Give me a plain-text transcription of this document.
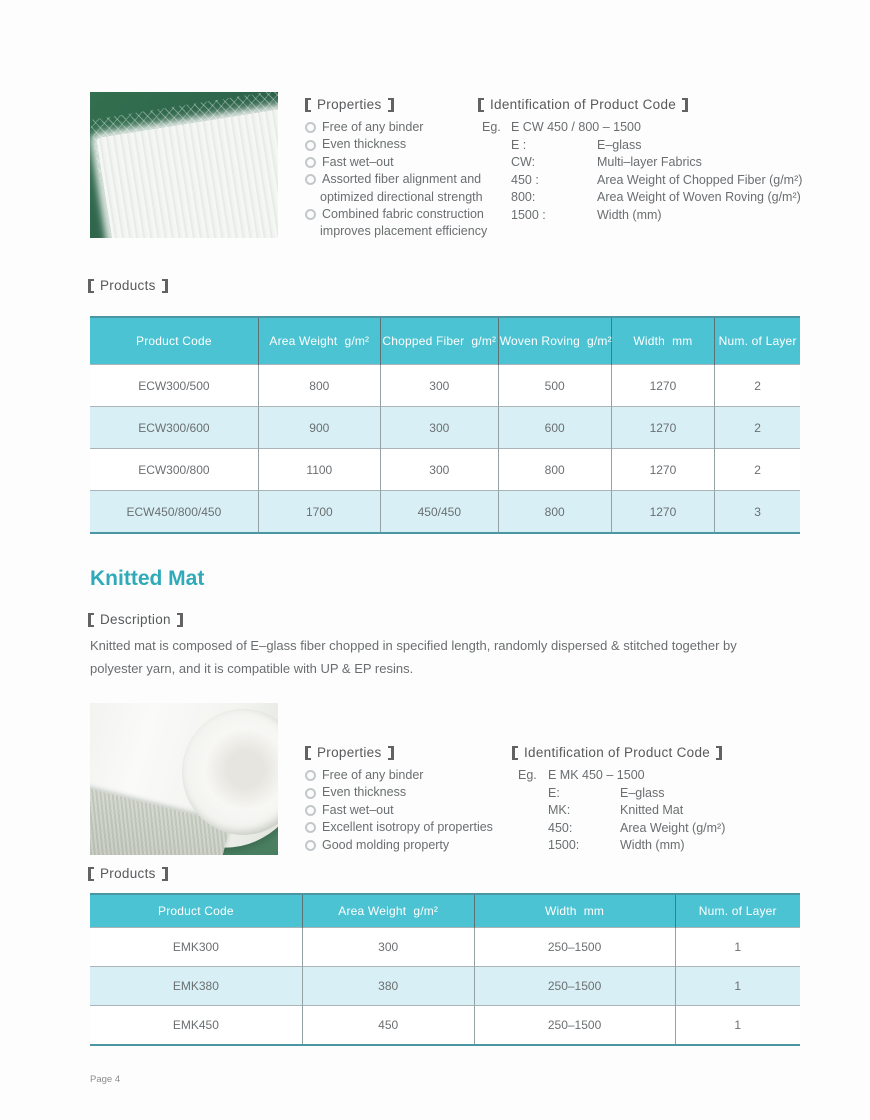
Properties
Free of any binder
Even thickness
Fast wet–out
Assorted fiber alignment and
optimized directional strength
Combined fabric construction
improves placement efficiency
Identification of Product Code
Eg. E CW 450 / 800 – 1500
E :	E–glass
CW:	Multi–layer Fabrics
450 :	Area Weight of Chopped Fiber (g/m²)
800:	Area Weight of Woven Roving (g/m²)
1500 :	Width (mm)
Products
Product Code	Area Weight  g/m²	Chopped Fiber  g/m²	Woven Roving  g/m²	Width  mm	Num. of Layer
ECW300/500	800	300	500	1270	2
ECW300/600	900	300	600	1270	2
ECW300/800	1100	300	800	1270	2
ECW450/800/450	1700	450/450	800	1270	3
Knitted Mat
Description
Knitted mat is composed of E–glass fiber chopped in specified length, randomly dispersed & stitched together by polyester yarn, and it is compatible with UP & EP resins.
Properties
Free of any binder
Even thickness
Fast wet–out
Excellent isotropy of properties
Good molding property
Identification of Product Code
Eg. E MK 450 – 1500
E:	E–glass
MK:	Knitted Mat
450:	Area Weight (g/m²)
1500:	Width (mm)
Products
Product Code	Area Weight  g/m²	Width  mm	Num. of Layer
EMK300	300	250–1500	1
EMK380	380	250–1500	1
EMK450	450	250–1500	1
Page 4
